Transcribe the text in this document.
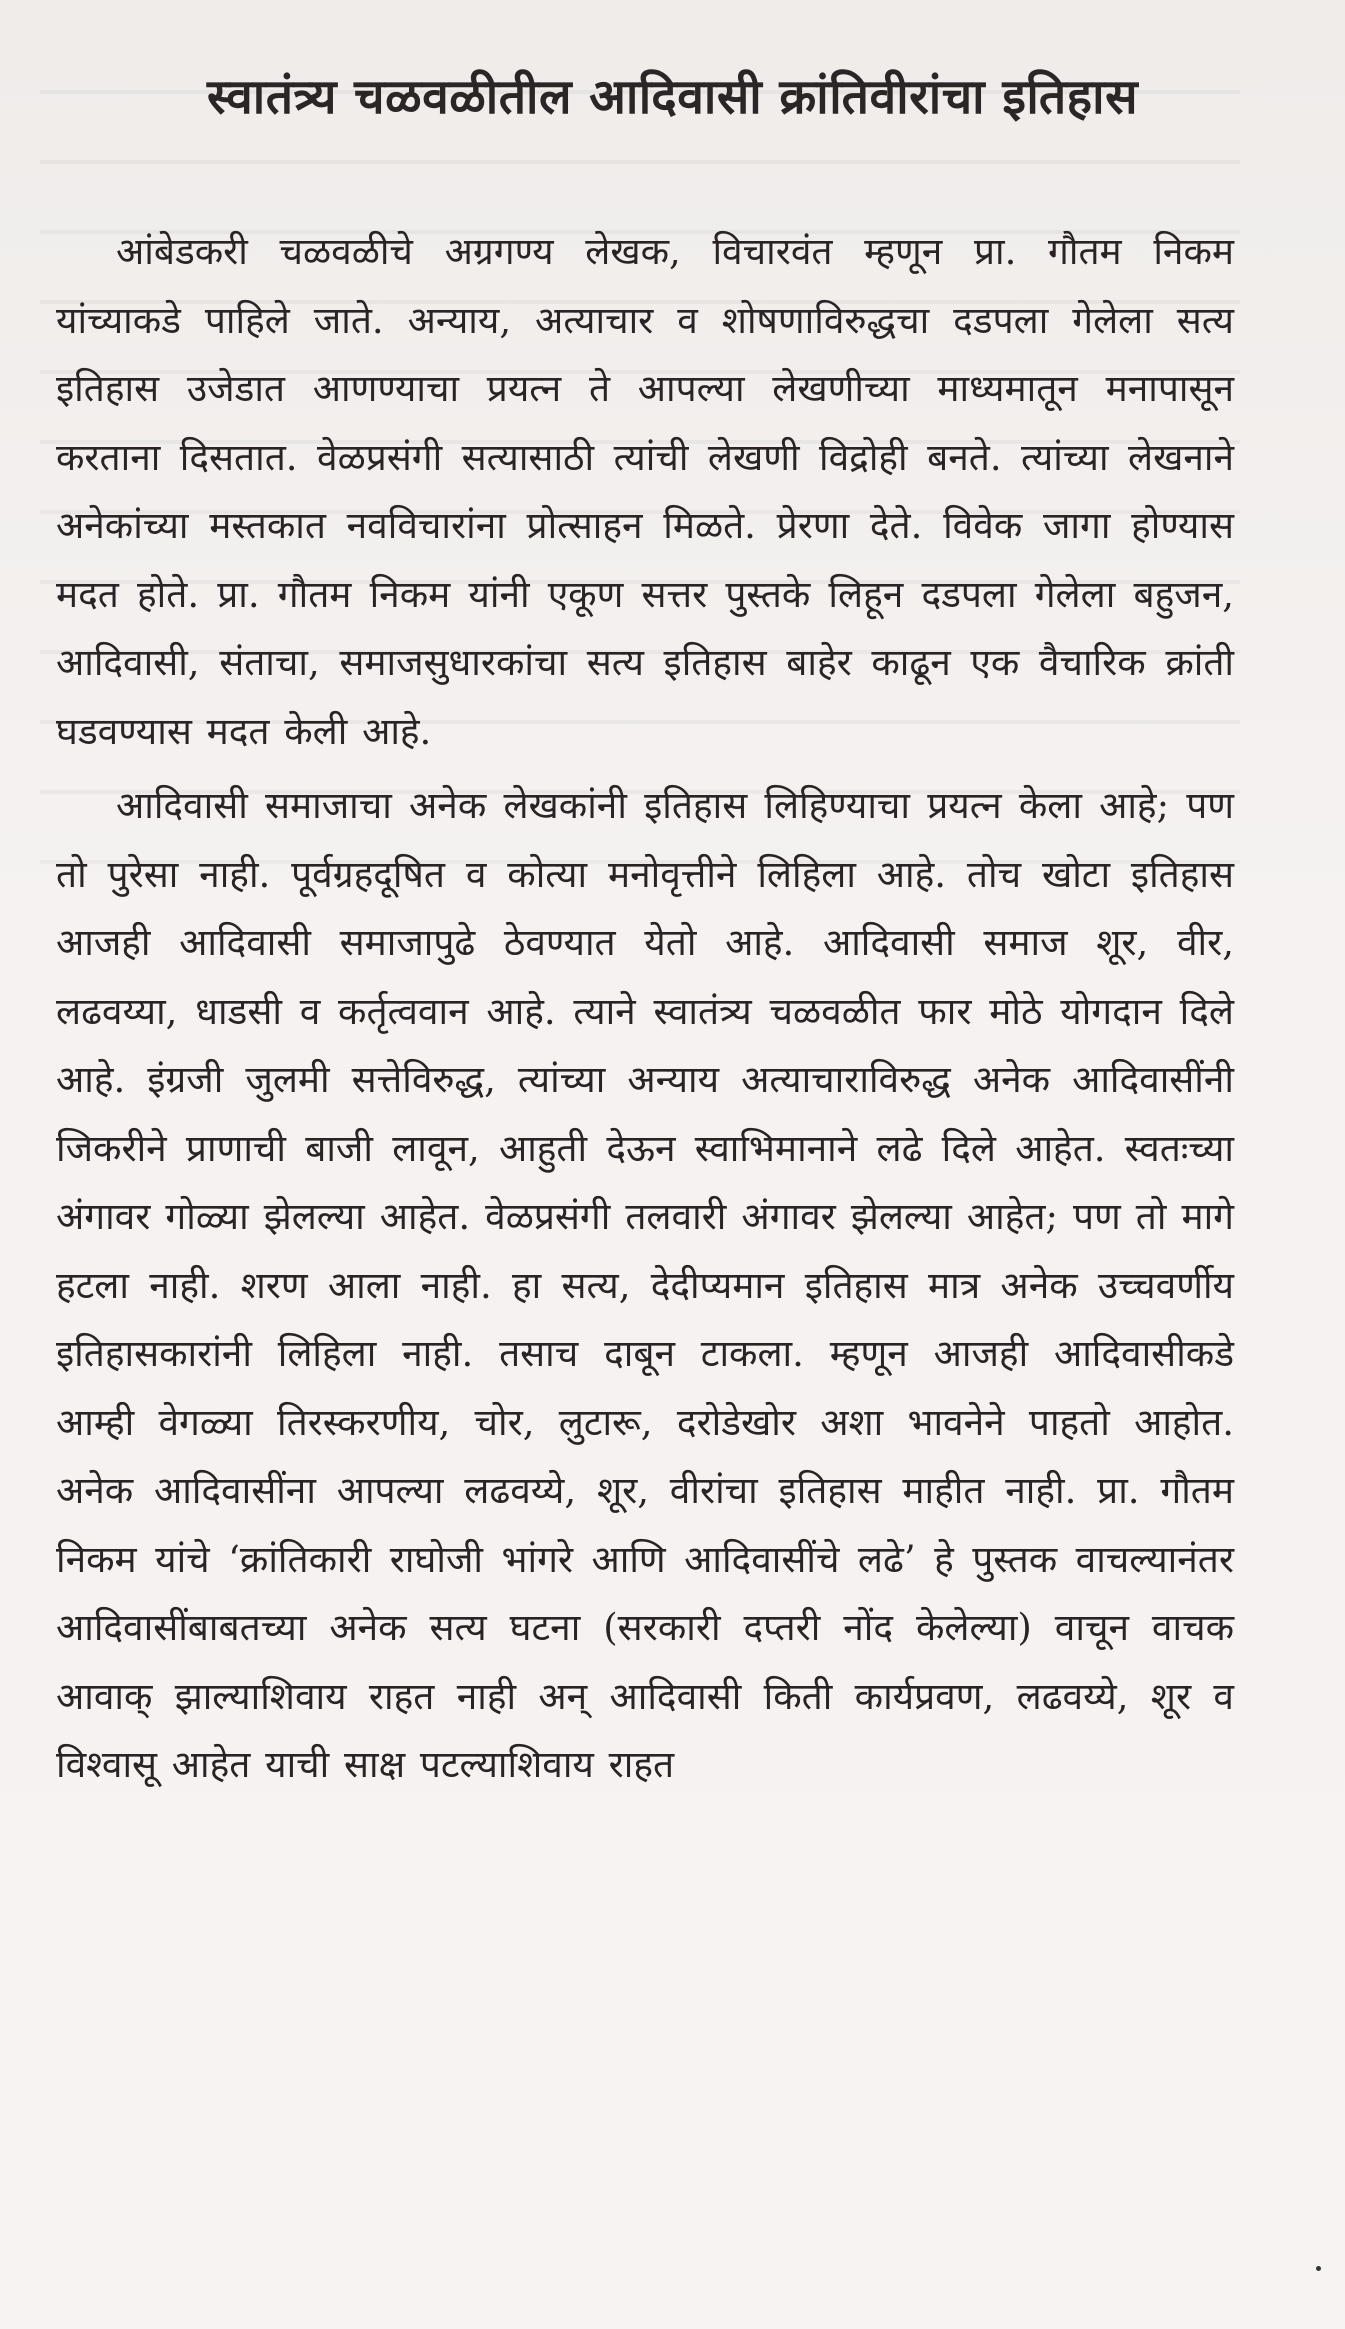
स्वातंत्र्य चळवळीतील आदिवासी क्रांतिवीरांचा इतिहास

आंबेडकरी चळवळीचे अग्रगण्य लेखक, विचारवंत म्हणून प्रा. गौतम निकम यांच्याकडे पाहिले जाते. अन्याय, अत्याचार व शोषणाविरुद्धचा दडपला गेलेला सत्य इतिहास उजेडात आणण्याचा प्रयत्न ते आपल्या लेखणीच्या माध्यमातून मनापासून करताना दिसतात. वेळप्रसंगी सत्यासाठी त्यांची लेखणी विद्रोही बनते. त्यांच्या लेखनाने अनेकांच्या मस्तकात नवविचारांना प्रोत्साहन मिळते. प्रेरणा देते. विवेक जागा होण्यास मदत होते. प्रा. गौतम निकम यांनी एकूण सत्तर पुस्तके लिहून दडपला गेलेला बहुजन, आदिवासी, संताचा, समाजसुधारकांचा सत्य इतिहास बाहेर काढून एक वैचारिक क्रांती घडवण्यास मदत केली आहे.

आदिवासी समाजाचा अनेक लेखकांनी इतिहास लिहिण्याचा प्रयत्न केला आहे; पण तो पुरेसा नाही. पूर्वग्रहदूषित व कोत्या मनोवृत्तीने लिहिला आहे. तोच खोटा इतिहास आजही आदिवासी समाजापुढे ठेवण्यात येतो आहे. आदिवासी समाज शूर, वीर, लढवय्या, धाडसी व कर्तृत्ववान आहे. त्याने स्वातंत्र्य चळवळीत फार मोठे योगदान दिले आहे. इंग्रजी जुलमी सत्तेविरुद्ध, त्यांच्या अन्याय अत्याचाराविरुद्ध अनेक आदिवासींनी जिकरीने प्राणाची बाजी लावून, आहुती देऊन स्वाभिमानाने लढे दिले आहेत. स्वतःच्या अंगावर गोळ्या झेलल्या आहेत. वेळप्रसंगी तलवारी अंगावर झेलल्या आहेत; पण तो मागे हटला नाही. शरण आला नाही. हा सत्य, देदीप्यमान इतिहास मात्र अनेक उच्चवर्णीय इतिहासकारांनी लिहिला नाही. तसाच दाबून टाकला. म्हणून आजही आदिवासीकडे आम्ही वेगळ्या तिरस्करणीय, चोर, लुटारू, दरोडेखोर अशा भावनेने पाहतो आहोत. अनेक आदिवासींना आपल्या लढवय्ये, शूर, वीरांचा इतिहास माहीत नाही. प्रा. गौतम निकम यांचे ‘क्रांतिकारी राघोजी भांगरे आणि आदिवासींचे लढे’ हे पुस्तक वाचल्यानंतर आदिवासींबाबतच्या अनेक सत्य घटना (सरकारी दप्तरी नोंद केलेल्या) वाचून वाचक आवाक् झाल्याशिवाय राहत नाही अन् आदिवासी किती कार्यप्रवण, लढवय्ये, शूर व विश्वासू आहेत याची साक्ष पटल्याशिवाय राहत
